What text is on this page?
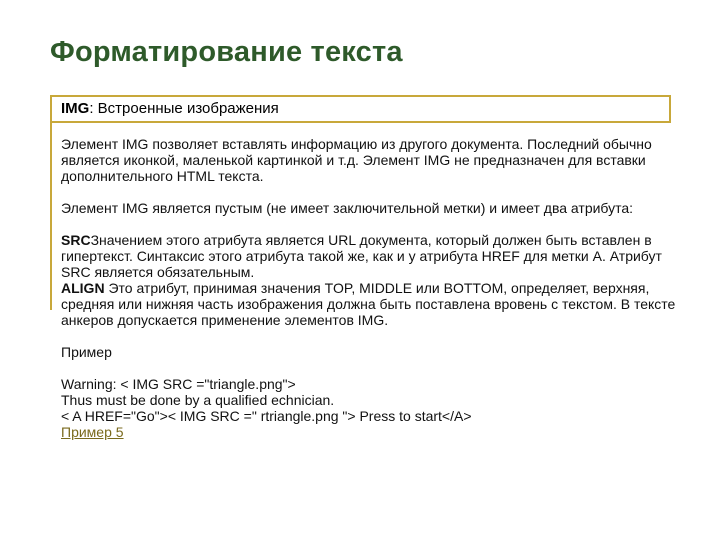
Форматирование текста
IMG: Встроенные изображения
Элемент IMG позволяет вставлять информацию из другого документа. Последний обычно является иконкой, маленькой картинкой и т.д. Элемент IMG не предназначен для вставки дополнительного HTML текста.
Элемент IMG является пустым (не имеет заключительной метки) и имеет два атрибута:
SRCЗначением этого атрибута является URL документа, который должен быть вставлен в гипертекст. Синтаксис этого атрибута такой же, как и у атрибута HREF для метки A. Атрибут SRC является обязательным.
ALIGN Это атрибут, принимая значения TOP, MIDDLE или BOTTOM, определяет, верхняя, средняя или нижняя часть изображения должна быть поставлена вровень с текстом. В тексте анкеров допускается применение элементов IMG.
Пример
Warning: < IMG SRC ="triangle.png">
Thus must be done by a qualified echnician.
< A HREF="Go">< IMG SRC =" rtriangle.png "> Press to start</A>
Пример 5
